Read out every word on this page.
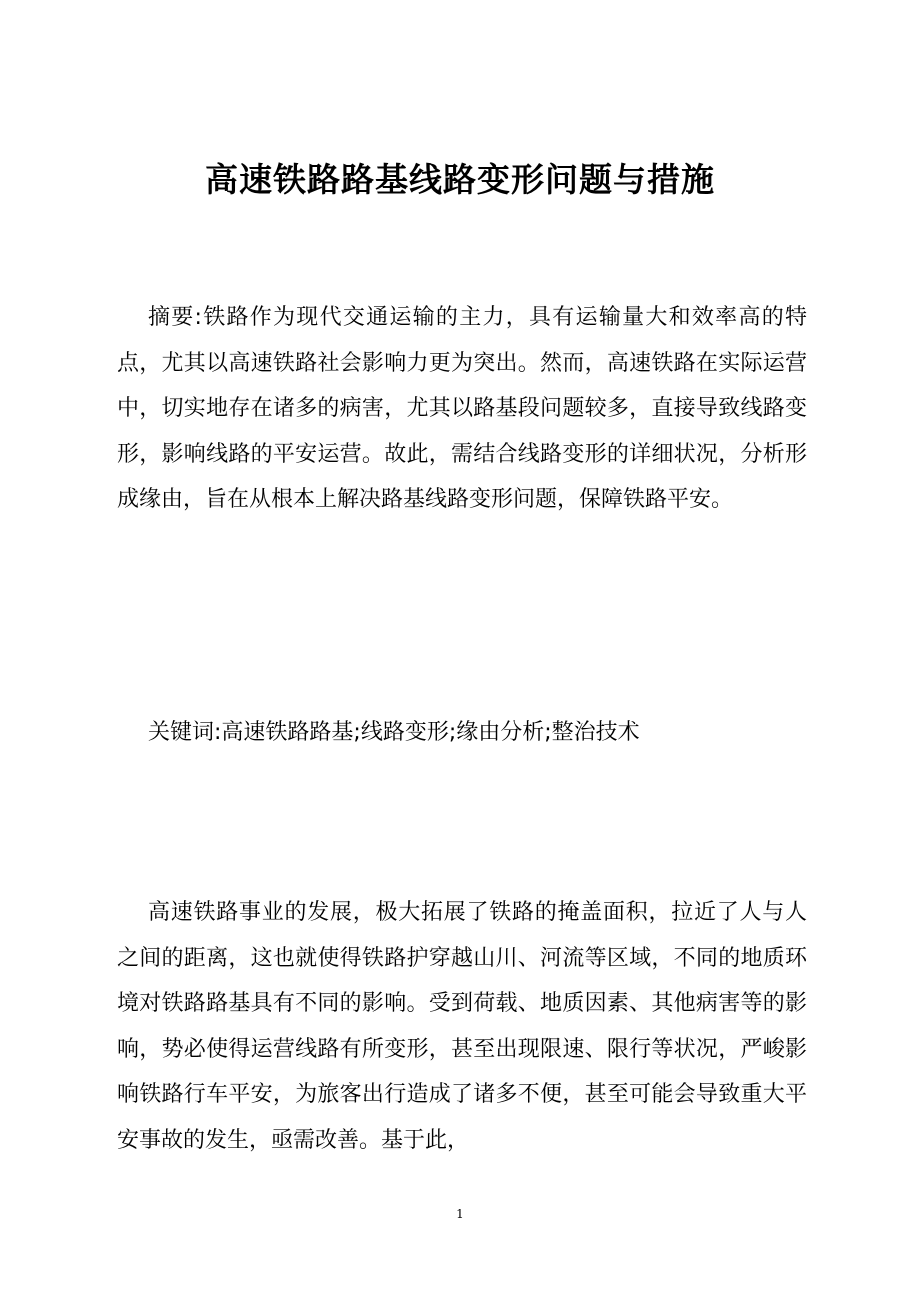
高速铁路路基线路变形问题与措施

摘要:铁路作为现代交通运输的主力，具有运输量大和效率高的特点，尤其以高速铁路社会影响力更为突出。然而，高速铁路在实际运营中，切实地存在诸多的病害，尤其以路基段问题较多，直接导致线路变形，影响线路的平安运营。故此，需结合线路变形的详细状况，分析形成缘由，旨在从根本上解决路基线路变形问题，保障铁路平安。

关键词:高速铁路路基;线路变形;缘由分析;整治技术

高速铁路事业的发展，极大拓展了铁路的掩盖面积，拉近了人与人之间的距离，这也就使得铁路护穿越山川、河流等区域，不同的地质环境对铁路路基具有不同的影响。受到荷载、地质因素、其他病害等的影响，势必使得运营线路有所变形，甚至出现限速、限行等状况，严峻影响铁路行车平安，为旅客出行造成了诸多不便，甚至可能会导致重大平安事故的发生，亟需改善。基于此，

1
